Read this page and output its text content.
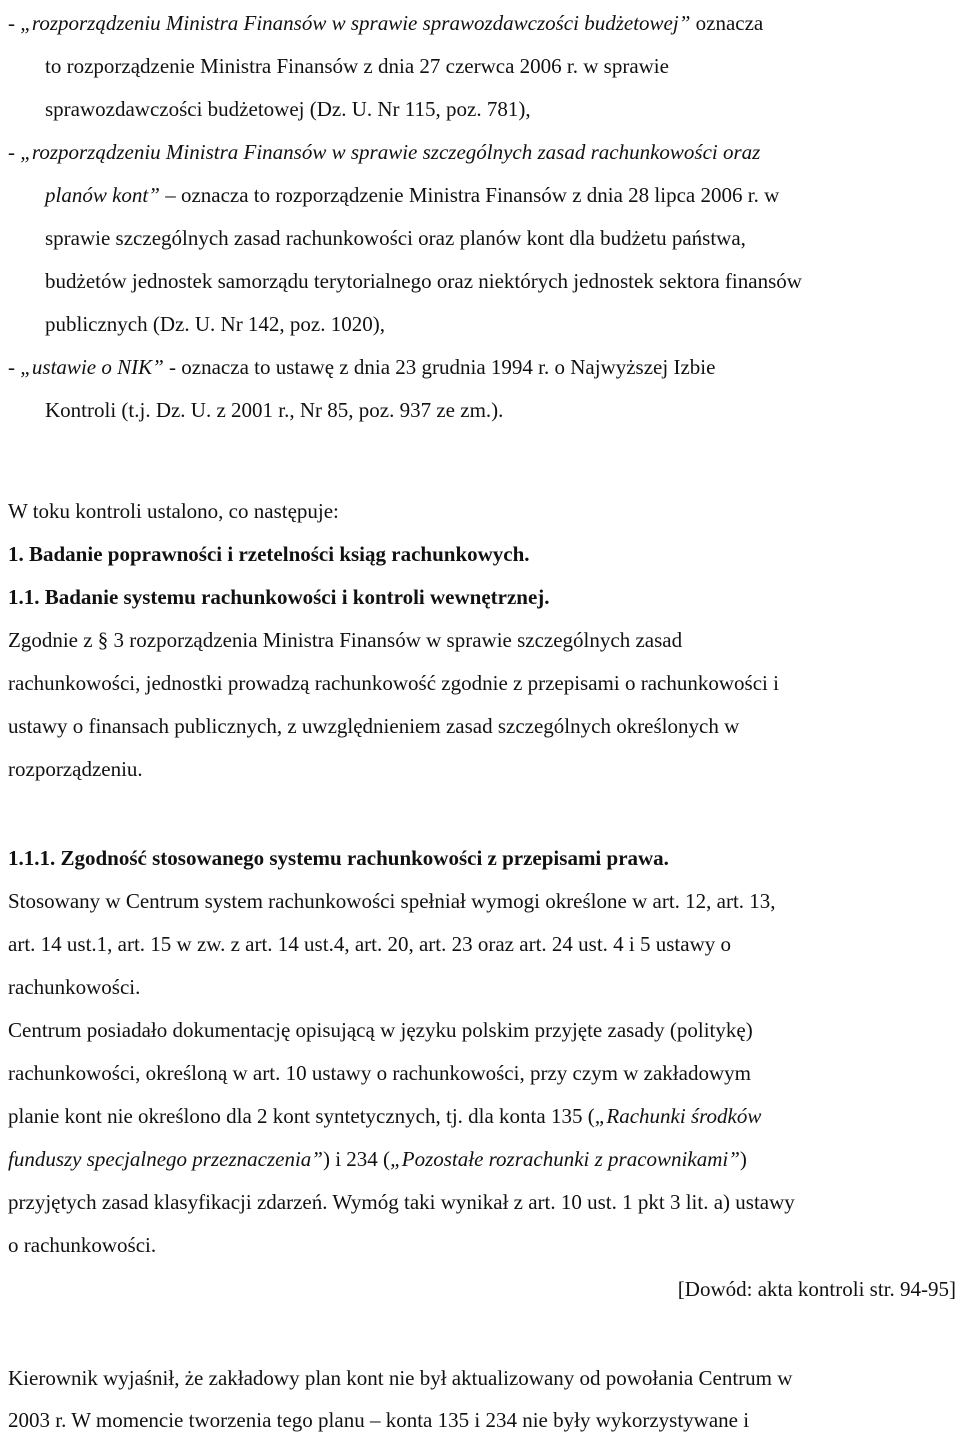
- „rozporządzeniu Ministra Finansów w sprawie sprawozdawczości budżetowej” oznacza
to rozporządzenie Ministra Finansów z dnia 27 czerwca 2006 r. w sprawie
sprawozdawczości budżetowej (Dz. U. Nr 115, poz. 781),
- „rozporządzeniu Ministra Finansów w sprawie szczególnych zasad rachunkowości oraz
planów kont” – oznacza to rozporządzenie Ministra Finansów z dnia 28 lipca 2006 r. w
sprawie szczególnych zasad rachunkowości oraz planów kont dla budżetu państwa,
budżetów jednostek samorządu terytorialnego oraz niektórych jednostek sektora finansów
publicznych (Dz. U. Nr 142, poz. 1020),
- „ustawie o NIK” - oznacza to ustawę z dnia 23 grudnia 1994 r. o Najwyższej Izbie
Kontroli (t.j. Dz. U. z 2001 r., Nr 85, poz. 937 ze zm.).
W toku kontroli ustalono, co następuje:
1. Badanie poprawności i rzetelności ksiąg rachunkowych.
1.1. Badanie systemu rachunkowości i kontroli wewnętrznej.
Zgodnie z § 3 rozporządzenia Ministra Finansów w sprawie szczególnych zasad
rachunkowości, jednostki prowadzą rachunkowość zgodnie z przepisami o rachunkowości i
ustawy o finansach publicznych, z uwzględnieniem zasad szczególnych określonych w
rozporządzeniu.
1.1.1. Zgodność stosowanego systemu rachunkowości z przepisami prawa.
Stosowany w Centrum system rachunkowości spełniał wymogi określone w art. 12, art. 13,
art. 14 ust.1, art. 15 w zw. z art. 14 ust.4, art. 20, art. 23 oraz art. 24 ust. 4 i 5 ustawy o
rachunkowości.
Centrum posiadało dokumentację opisującą w języku polskim przyjęte zasady (politykę)
rachunkowości, określoną w art. 10 ustawy o rachunkowości, przy czym w zakładowym
planie kont nie określono dla 2 kont syntetycznych, tj. dla konta 135 („Rachunki środków
funduszy specjalnego przeznaczenia”) i 234 („Pozostałe rozrachunki z pracownikami”)
przyjętych zasad klasyfikacji zdarzeń. Wymóg taki wynikał z art. 10 ust. 1 pkt 3 lit. a) ustawy
o rachunkowości.
[Dowód: akta kontroli str. 94-95]
Kierownik wyjaśnił, że zakładowy plan kont nie był aktualizowany od powołania Centrum w
2003 r. W momencie tworzenia tego planu – konta 135 i 234 nie były wykorzystywane i
